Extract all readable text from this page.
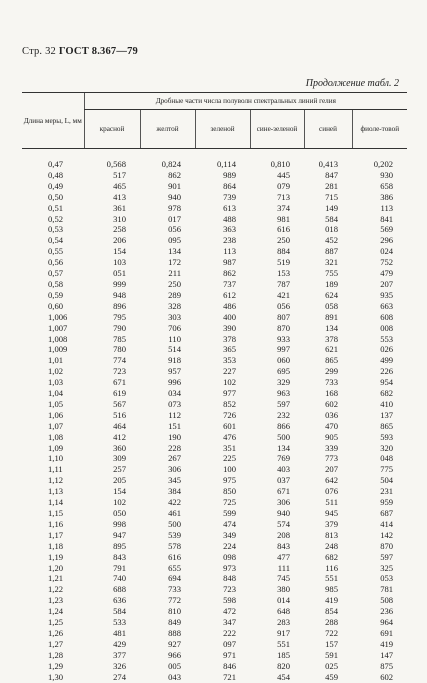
Стр. 32 ГОСТ 8.367—79
Продолжение табл. 2
Длина меры, L, мм	Дробные части числа полуволн спектральных линий гелия					
	красной	желтой	зеленой	сине-зеленой	синей	фиоле-товой

0,47	0,568	0,824	0,114	0,810	0,413	0,202
0,48	517	862	989	445	847	930
0,49	465	901	864	079	281	658
0,50	413	940	739	713	715	386
0,51	361	978	613	374	149	113
0,52	310	017	488	981	584	841
0,53	258	056	363	616	018	569
0,54	206	095	238	250	452	296
0,55	154	134	113	884	887	024
0,56	103	172	987	519	321	752
0,57	051	211	862	153	755	479
0,58	999	250	737	787	189	207
0,59	948	289	612	421	624	935
0,60	896	328	486	056	058	663
1,006	795	303	400	807	891	608
1,007	790	706	390	870	134	008
1,008	785	110	378	933	378	553
1,009	780	514	365	997	621	026
1,01	774	918	353	060	865	499
1,02	723	957	227	695	299	226
1,03	671	996	102	329	733	954
1,04	619	034	977	963	168	682
1,05	567	073	852	597	602	410
1,06	516	112	726	232	036	137
1,07	464	151	601	866	470	865
1,08	412	190	476	500	905	593
1,09	360	228	351	134	339	320
1,10	309	267	225	769	773	048
1,11	257	306	100	403	207	775
1,12	205	345	975	037	642	504
1,13	154	384	850	671	076	231
1,14	102	422	725	306	511	959
1,15	050	461	599	940	945	687
1,16	998	500	474	574	379	414
1,17	947	539	349	208	813	142
1,18	895	578	224	843	248	870
1,19	843	616	098	477	682	597
1,20	791	655	973	111	116	325
1,21	740	694	848	745	551	053
1,22	688	733	723	380	985	781
1,23	636	772	598	014	419	508
1,24	584	810	472	648	854	236
1,25	533	849	347	283	288	964
1,26	481	888	222	917	722	691
1,27	429	927	097	551	157	419
1,28	377	966	971	185	591	147
1,29	326	005	846	820	025	875
1,30	274	043	721	454	459	602
